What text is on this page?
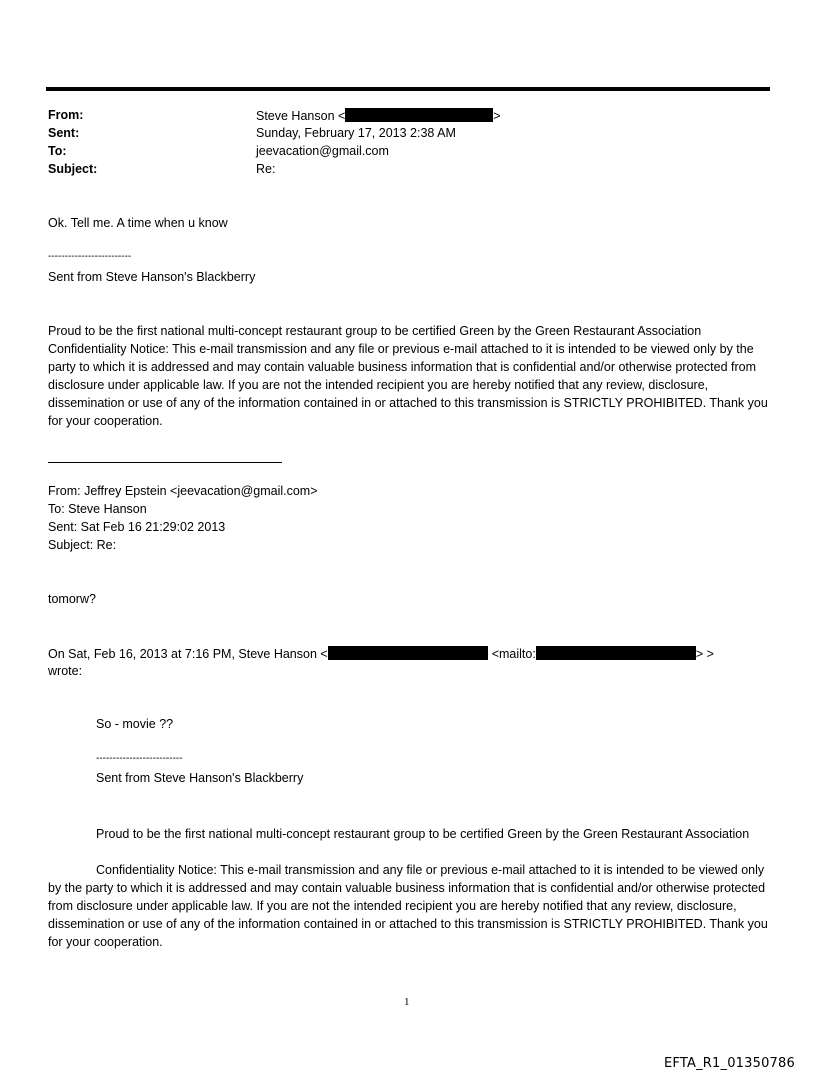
From:	Steve Hanson <	>
Sent:	Sunday, February 17, 2013 2:38 AM
To:	jeevacation@gmail.com
Subject:	Re:
Ok. Tell me. A time when u know
-------------------------
Sent from Steve Hanson's Blackberry
Proud to be the first national multi-concept restaurant group to be certified Green by the Green Restaurant Association Confidentiality Notice: This e-mail transmission and any file or previous e-mail attached to it is intended to be viewed only by the party to which it is addressed and may contain valuable business information that is confidential and/or otherwise protected from disclosure under applicable law. If you are not the intended recipient you are hereby notified that any review, disclosure, dissemination or use of any of the information contained in or attached to this transmission is STRICTLY PROHIBITED. Thank you for your cooperation.
From: Jeffrey Epstein <jeevacation@gmail.com>
To: Steve Hanson
Sent: Sat Feb 16 21:29:02 2013
Subject: Re:
tomorw?
On Sat, Feb 16, 2013 at 7:16 PM, Steve Hanson <	<mailto:	> >
wrote:
So - movie ??
--------------------------
Sent from Steve Hanson's Blackberry
Proud to be the first national multi-concept restaurant group to be certified Green by the Green Restaurant Association
Confidentiality Notice: This e-mail transmission and any file or previous e-mail attached to it is intended to be viewed only by the party to which it is addressed and may contain valuable business information that is confidential and/or otherwise protected from disclosure under applicable law. If you are not the intended recipient you are hereby notified that any review, disclosure, dissemination or use of any of the information contained in or attached to this transmission is STRICTLY PROHIBITED. Thank you for your cooperation.
1
EFTA_R1_01350786
